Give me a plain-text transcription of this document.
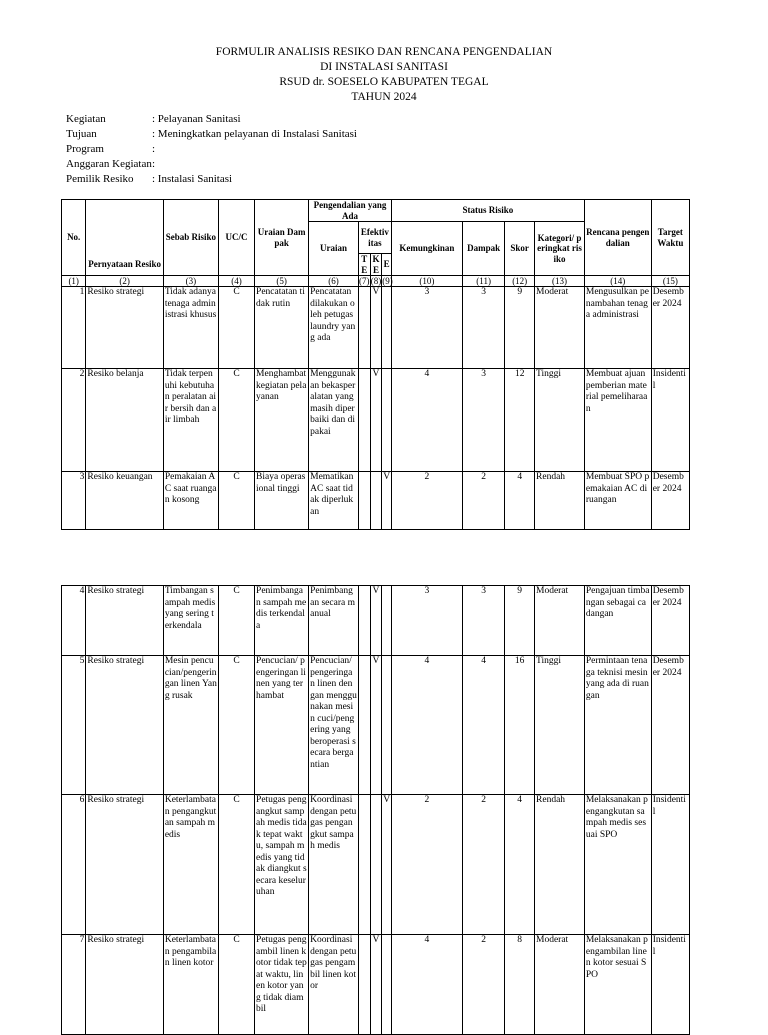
FORMULIR ANALISIS RESIKO DAN RENCANA PENGENDALIAN
DI INSTALASI SANITASI
RSUD dr. SOESELO KABUPATEN TEGAL
TAHUN 2024
Kegiatan	: Pelayanan Sanitasi
Tujuan	: Meningkatkan pelayanan di Instalasi Sanitasi
Program	:
Anggaran Kegiatan :
Pemilik Resiko	: Instalasi Sanitasi
No.	Pernyataan Resiko	Sebab Risiko	UC/C	Uraian Dampak	Pengendalian yang Ada				Status Risiko				Rencana pengendalian	Target Waktu
					Uraian	Efektivitas			Kemungkinan	Dampak	Skor	Kategori/ peringkat risiko		
						TE	KE	E						
(1)	(2)	(3)	(4)	(5)	(6)	(7)	(8)	(9)	(10)	(11)	(12)	(13)	(14)	(15)
1	Resiko strategi	Tidak adanya tenaga administrasi khusus	C	Pencatatan tidak rutin	Pencatatan dilakukan oleh petugas laundry yang ada		V		3	3	9	Moderat	Mengusulkan penambahan tenaga administrasi	Desember 2024
2	Resiko belanja	Tidak terpenuhi kebutuhan peralatan air bersih dan air limbah	C	Menghambat kegiatan pelayanan	Menggunakan bekasperalatan yang masih diperbaiki dan dipakai		V		4	3	12	Tinggi	Membuat ajuan pemberian material pemeliharaan	Insidentil
3	Resiko keuangan	Pemakaian AC saat ruangan kosong	C	Biaya operasional tinggi	Mematikan AC saat tidak diperlukan			V	2	2	4	Rendah	Membuat SPO pemakaian AC di ruangan	Desember 2024
4	Resiko strategi	Timbangan sampah medis yang sering terkendala	C	Penimbangan sampah medis terkendala	Penimbangan secara manual		V		3	3	9	Moderat	Pengajuan timbangan sebagai cadangan	Desember 2024
5	Resiko strategi	Mesin pencucian/pengeringan linen Yang rusak	C	Pencucian/ pengeringan linen yang terhambat	Pencucian/ pengeringan linen dengan menggunakan mesin cuci/pengering yang beroperasi secara bergantian		V		4	4	16	Tinggi	Permintaan tenaga teknisi mesin yang ada di ruangan	Desember 2024
6	Resiko strategi	Keterlambatan pengangkutan sampah medis	C	Petugas pengangkut sampah medis tidak tepat waktu, sampah medis yang tidak diangkut secara keseluruhan	Koordinasi dengan petugas pengangkut sampah medis			V	2	2	4	Rendah	Melaksanakan pengangkutan sampah medis sesuai SPO	Insidentil
7	Resiko strategi	Keterlambatan pengambilan linen kotor	C	Petugas pengambil linen kotor tidak tepat waktu, linen kotor yang tidak diambil	Koordinasi dengan petugas pengambil linen kotor		V		4	2	8	Moderat	Melaksanakan pengambilan linen kotor sesuai SPO	Insidentil
